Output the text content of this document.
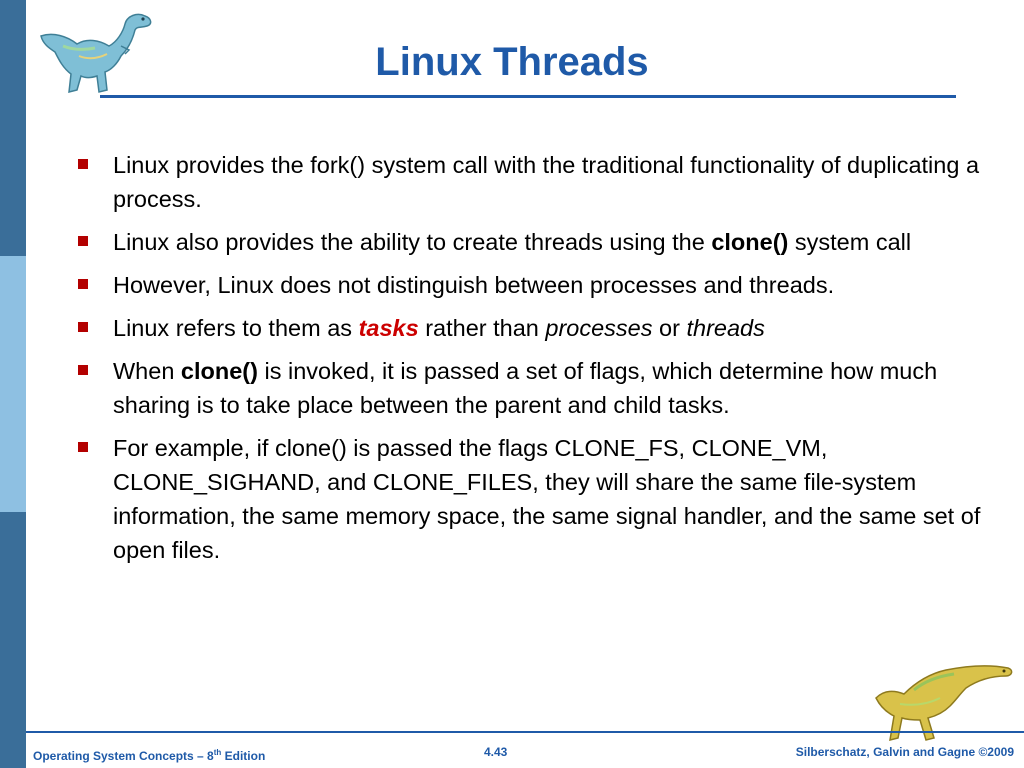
Linux Threads
Linux provides the fork() system call with the traditional functionality of duplicating a process.
Linux also provides the ability to create threads using the clone() system call
However, Linux does not distinguish between processes and threads.
Linux refers to them as tasks rather than processes or threads
When clone() is invoked, it is passed a set of flags, which determine how much sharing is to take place between the parent and child tasks.
For example, if clone() is passed the flags CLONE_FS, CLONE_VM, CLONE_SIGHAND, and CLONE_FILES, they will share the same file-system information, the same memory space, the same signal handler, and the same set of open files.
Operating System Concepts – 8th Edition	4.43	Silberschatz, Galvin and Gagne ©2009
